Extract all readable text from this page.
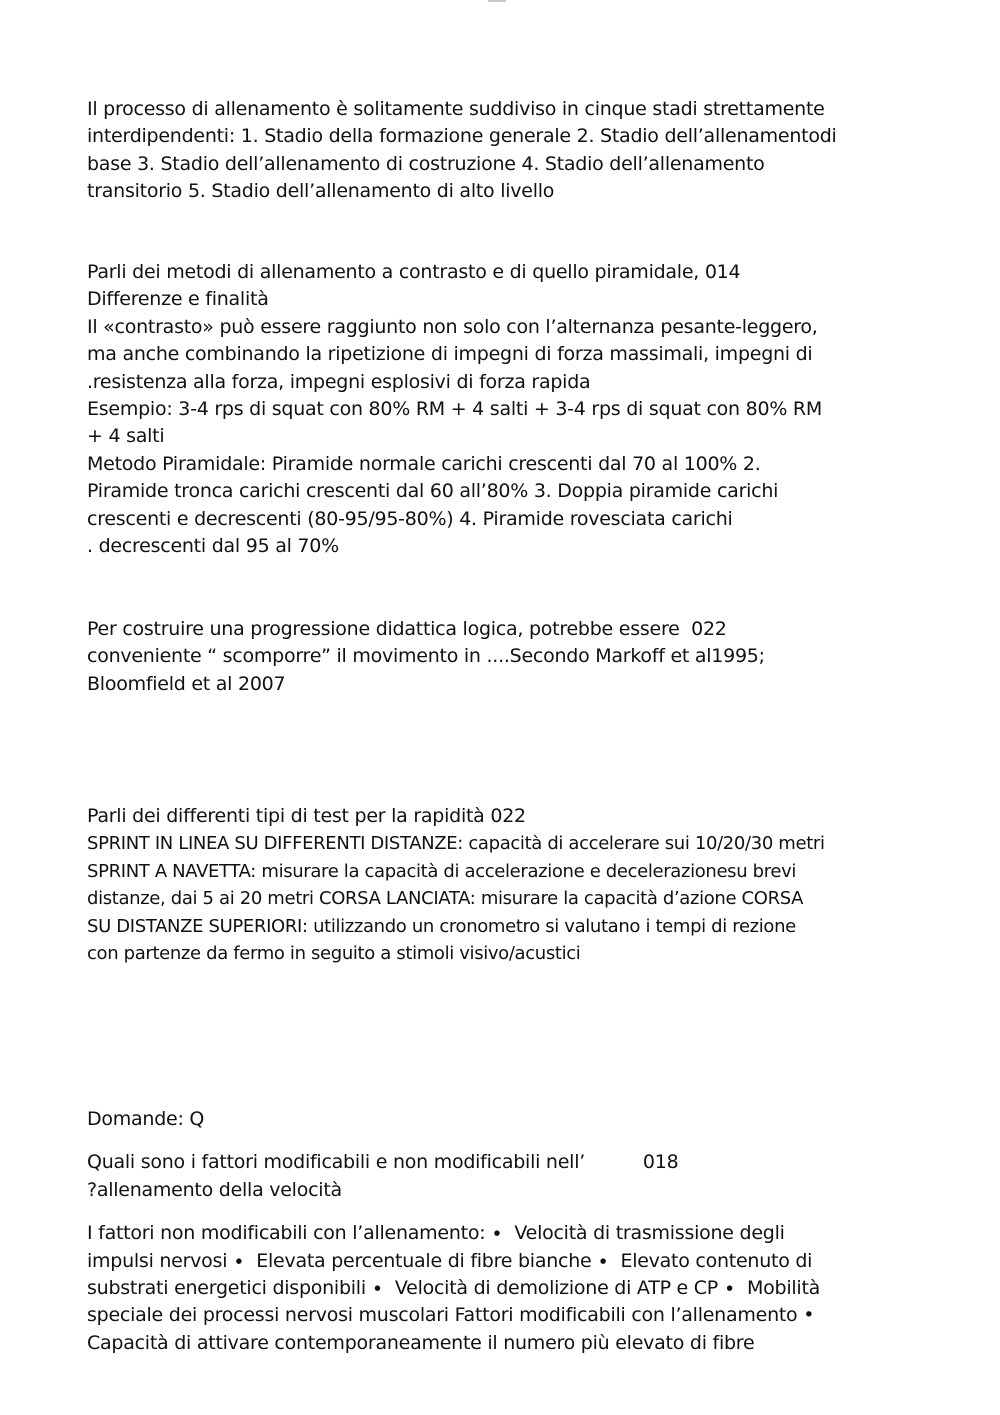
Il processo di allenamento è solitamente suddiviso in cinque stadi strettamente
interdipendenti: 1. Stadio della formazione generale 2. Stadio dell’allenamentodi
base 3. Stadio dell’allenamento di costruzione 4. Stadio dell’allenamento
transitorio 5. Stadio dell’allenamento di alto livello
Parli dei metodi di allenamento a contrasto e di quello piramidale, 014
Differenze e finalità
Il «contrasto» può essere raggiunto non solo con l’alternanza pesante-leggero,
ma anche combinando la ripetizione di impegni di forza massimali, impegni di
.resistenza alla forza, impegni esplosivi di forza rapida
Esempio: 3-4 rps di squat con 80% RM + 4 salti + 3-4 rps di squat con 80% RM
+ 4 salti
Metodo Piramidale: Piramide normale carichi crescenti dal 70 al 100% 2.
Piramide tronca carichi crescenti dal 60 all’80% 3. Doppia piramide carichi
crescenti e decrescenti (80-95/95-80%) 4. Piramide rovesciata carichi
. decrescenti dal 95 al 70%
Per costruire una progressione didattica logica, potrebbe essere  022
conveniente “ scomporre” il movimento in ....Secondo Markoff et al1995;
Bloomfield et al 2007
Parli dei differenti tipi di test per la rapidità 022
SPRINT IN LINEA SU DIFFERENTI DISTANZE: capacità di accelerare sui 10/20/30 metri
SPRINT A NAVETTA: misurare la capacità di accelerazione e decelerazionesu brevi
distanze, dai 5 ai 20 metri CORSA LANCIATA: misurare la capacità d’azione CORSA
SU DISTANZE SUPERIORI: utilizzando un cronometro si valutano i tempi di rezione
con partenze da fermo in seguito a stimoli visivo/acustici
Domande: Q
Quali sono i fattori modificabili e non modificabili nell’          018
?allenamento della velocità
I fattori non modificabili con l’allenamento: ∙  Velocità di trasmissione degli
impulsi nervosi ∙  Elevata percentuale di fibre bianche ∙  Elevato contenuto di
substrati energetici disponibili ∙  Velocità di demolizione di ATP e CP ∙  Mobilità
speciale dei processi nervosi muscolari Fattori modificabili con l’allenamento •
Capacità di attivare contemporaneamente il numero più elevato di fibre
